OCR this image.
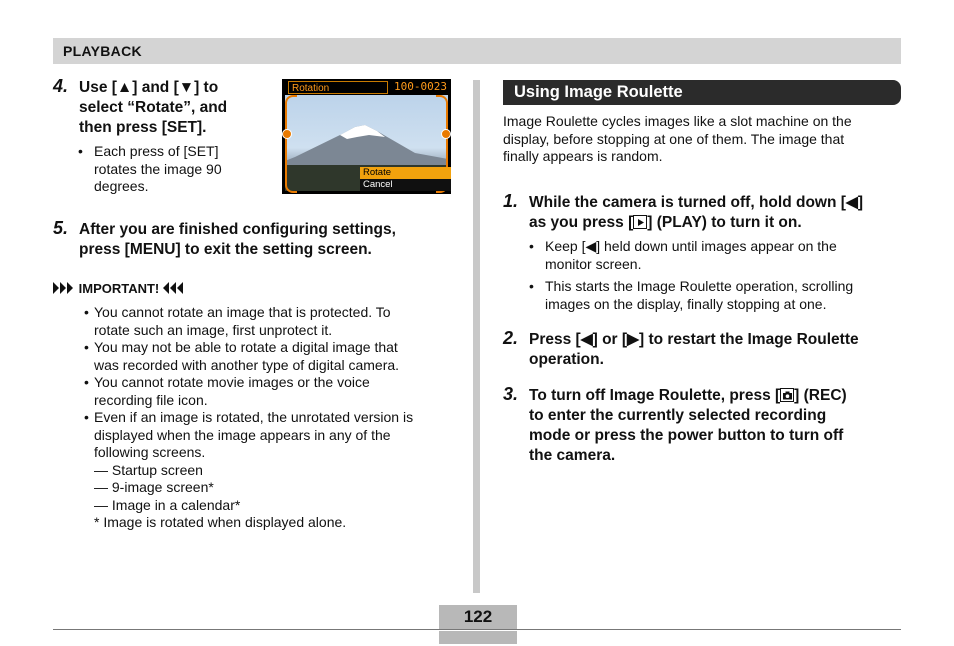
PLAYBACK
4. Use [▲] and [▼] to
select “Rotate”, and
then press [SET].
• Each press of [SET]
rotates the image 90
degrees.
Rotation	100-0023
Rotate
Cancel
5. After you are finished configuring settings,
press [MENU] to exit the setting screen.
IMPORTANT!
• You cannot rotate an image that is protected. To
rotate such an image, first unprotect it.
• You may not be able to rotate a digital image that
was recorded with another type of digital camera.
• You cannot rotate movie images or the voice
recording file icon.
• Even if an image is rotated, the unrotated version is
displayed when the image appears in any of the
following screens.
— Startup screen
— 9-image screen*
— Image in a calendar*
* Image is rotated when displayed alone.
Using Image Roulette
Image Roulette cycles images like a slot machine on the
display, before stopping at one of them. The image that
finally appears is random.
1. While the camera is turned off, hold down [◀]
as you press [ ] (PLAY) to turn it on.
• Keep [◀] held down until images appear on the
monitor screen.
• This starts the Image Roulette operation, scrolling
images on the display, finally stopping at one.
2. Press [◀] or [▶] to restart the Image Roulette
operation.
3. To turn off Image Roulette, press [ ] (REC)
to enter the currently selected recording
mode or press the power button to turn off
the camera.
122
